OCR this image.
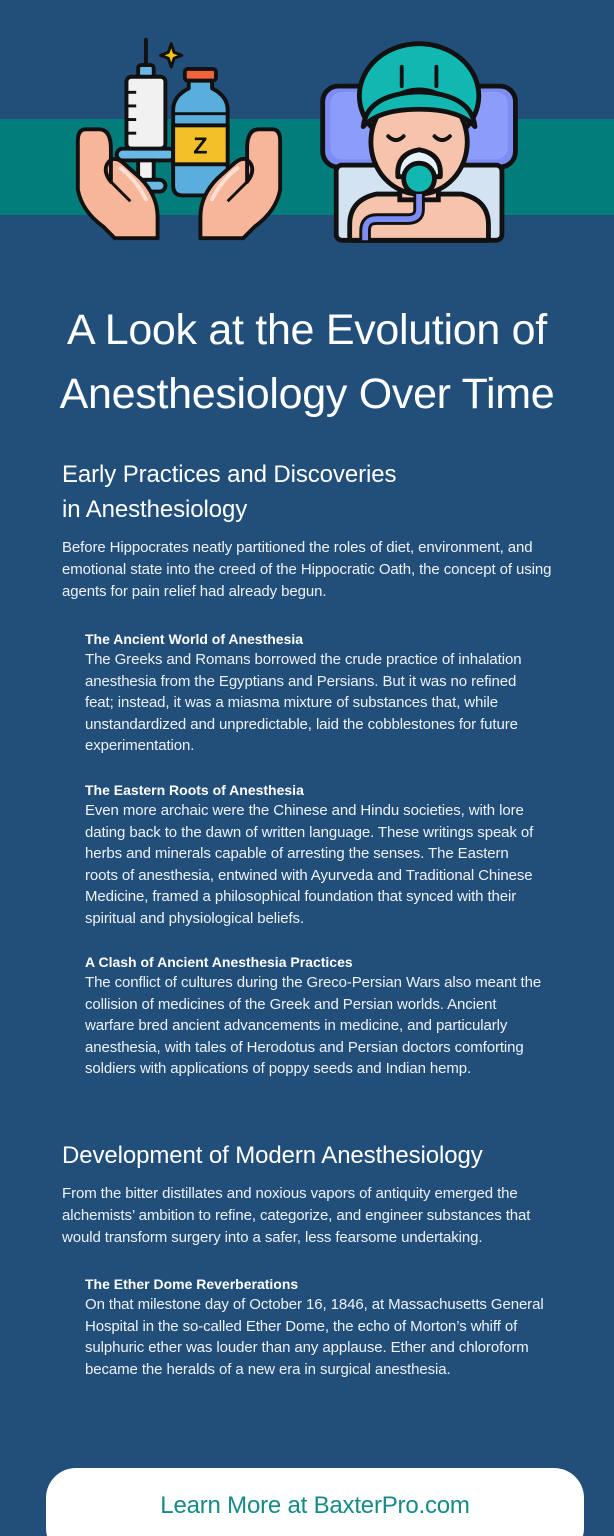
Z
A Look at the Evolution of
Anesthesiology Over Time
Early Practices and Discoveries
in Anesthesiology

Before Hippocrates neatly partitioned the roles of diet, environment, and emotional state into the creed of the Hippocratic Oath, the concept of using agents for pain relief had already begun.

The Ancient World of Anesthesia

The Greeks and Romans borrowed the crude practice of inhalation anesthesia from the Egyptians and Persians. But it was no refined feat; instead, it was a miasma mixture of substances that, while unstandardized and unpredictable, laid the cobblestones for future experimentation.

The Eastern Roots of Anesthesia

Even more archaic were the Chinese and Hindu societies, with lore dating back to the dawn of written language. These writings speak of herbs and minerals capable of arresting the senses. The Eastern roots of anesthesia, entwined with Ayurveda and Traditional Chinese Medicine, framed a philosophical foundation that synced with their spiritual and physiological beliefs.

A Clash of Ancient Anesthesia Practices

The conflict of cultures during the Greco-Persian Wars also meant the collision of medicines of the Greek and Persian worlds. Ancient warfare bred ancient advancements in medicine, and particularly anesthesia, with tales of Herodotus and Persian doctors comforting soldiers with applications of poppy seeds and Indian hemp.

Development of Modern Anesthesiology

From the bitter distillates and noxious vapors of antiquity emerged the alchemists’ ambition to refine, categorize, and engineer substances that would transform surgery into a safer, less fearsome undertaking.

The Ether Dome Reverberations

On that milestone day of October 16, 1846, at Massachusetts General Hospital in the so-called Ether Dome, the echo of Morton’s whiff of sulphuric ether was louder than any applause. Ether and chloroform became the heralds of a new era in surgical anesthesia.

Learn More at BaxterPro.com
